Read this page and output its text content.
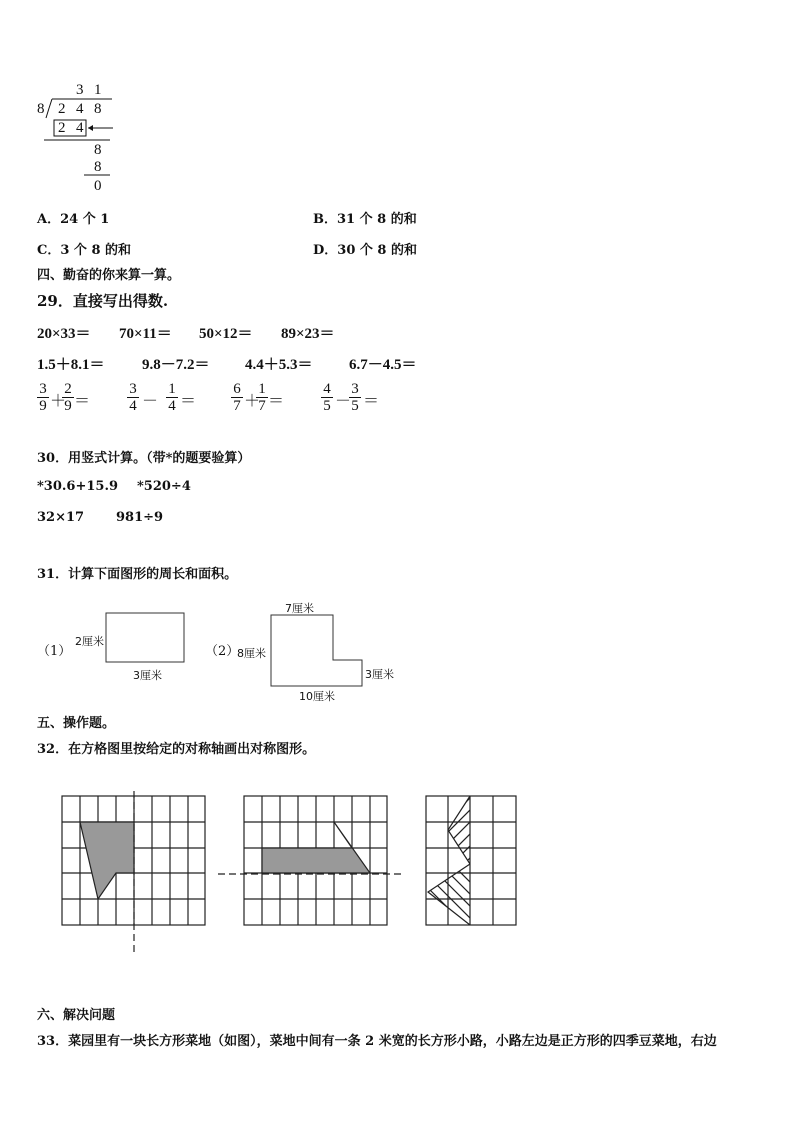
3 1
8 2 4 8
2 4
8
8
0
A．24 个 1	B．31 个 8 的和
C．3 个 8 的和	D．30 个 8 的和
四、勤奋的你来算一算。
29．直接写出得数.
20×33＝ 70×11＝ 50×12＝ 89×23＝
1.5＋8.1＝ 9.8－7.2＝ 4.4＋5.3＝ 6.7－4.5＝
$\frac{3}{9}$ ＋
$\frac{2}{9} = \frac{3}{4} - \frac{1}{4} = \frac{6}{7}$ ＋
$\frac{1}{7} = \frac{4}{5}$ －
$\frac{3}{5}$ ＝
30．用竖式计算。（带*的题要验算）
*30.6+15.9 *520÷4
32×17 981÷9
31．计算下面图形的周长和面积。
（1）
2厘米
3厘米
（2）
7厘米
8厘米
3厘米
10厘米
五、操作题。
32．在方格图里按给定的对称轴画出对称图形。
六、解决问题
33．菜园里有一块长方形菜地（如图），菜地中间有一条 2 米宽的长方形小路，小路左边是正方形的四季豆菜地，右边
